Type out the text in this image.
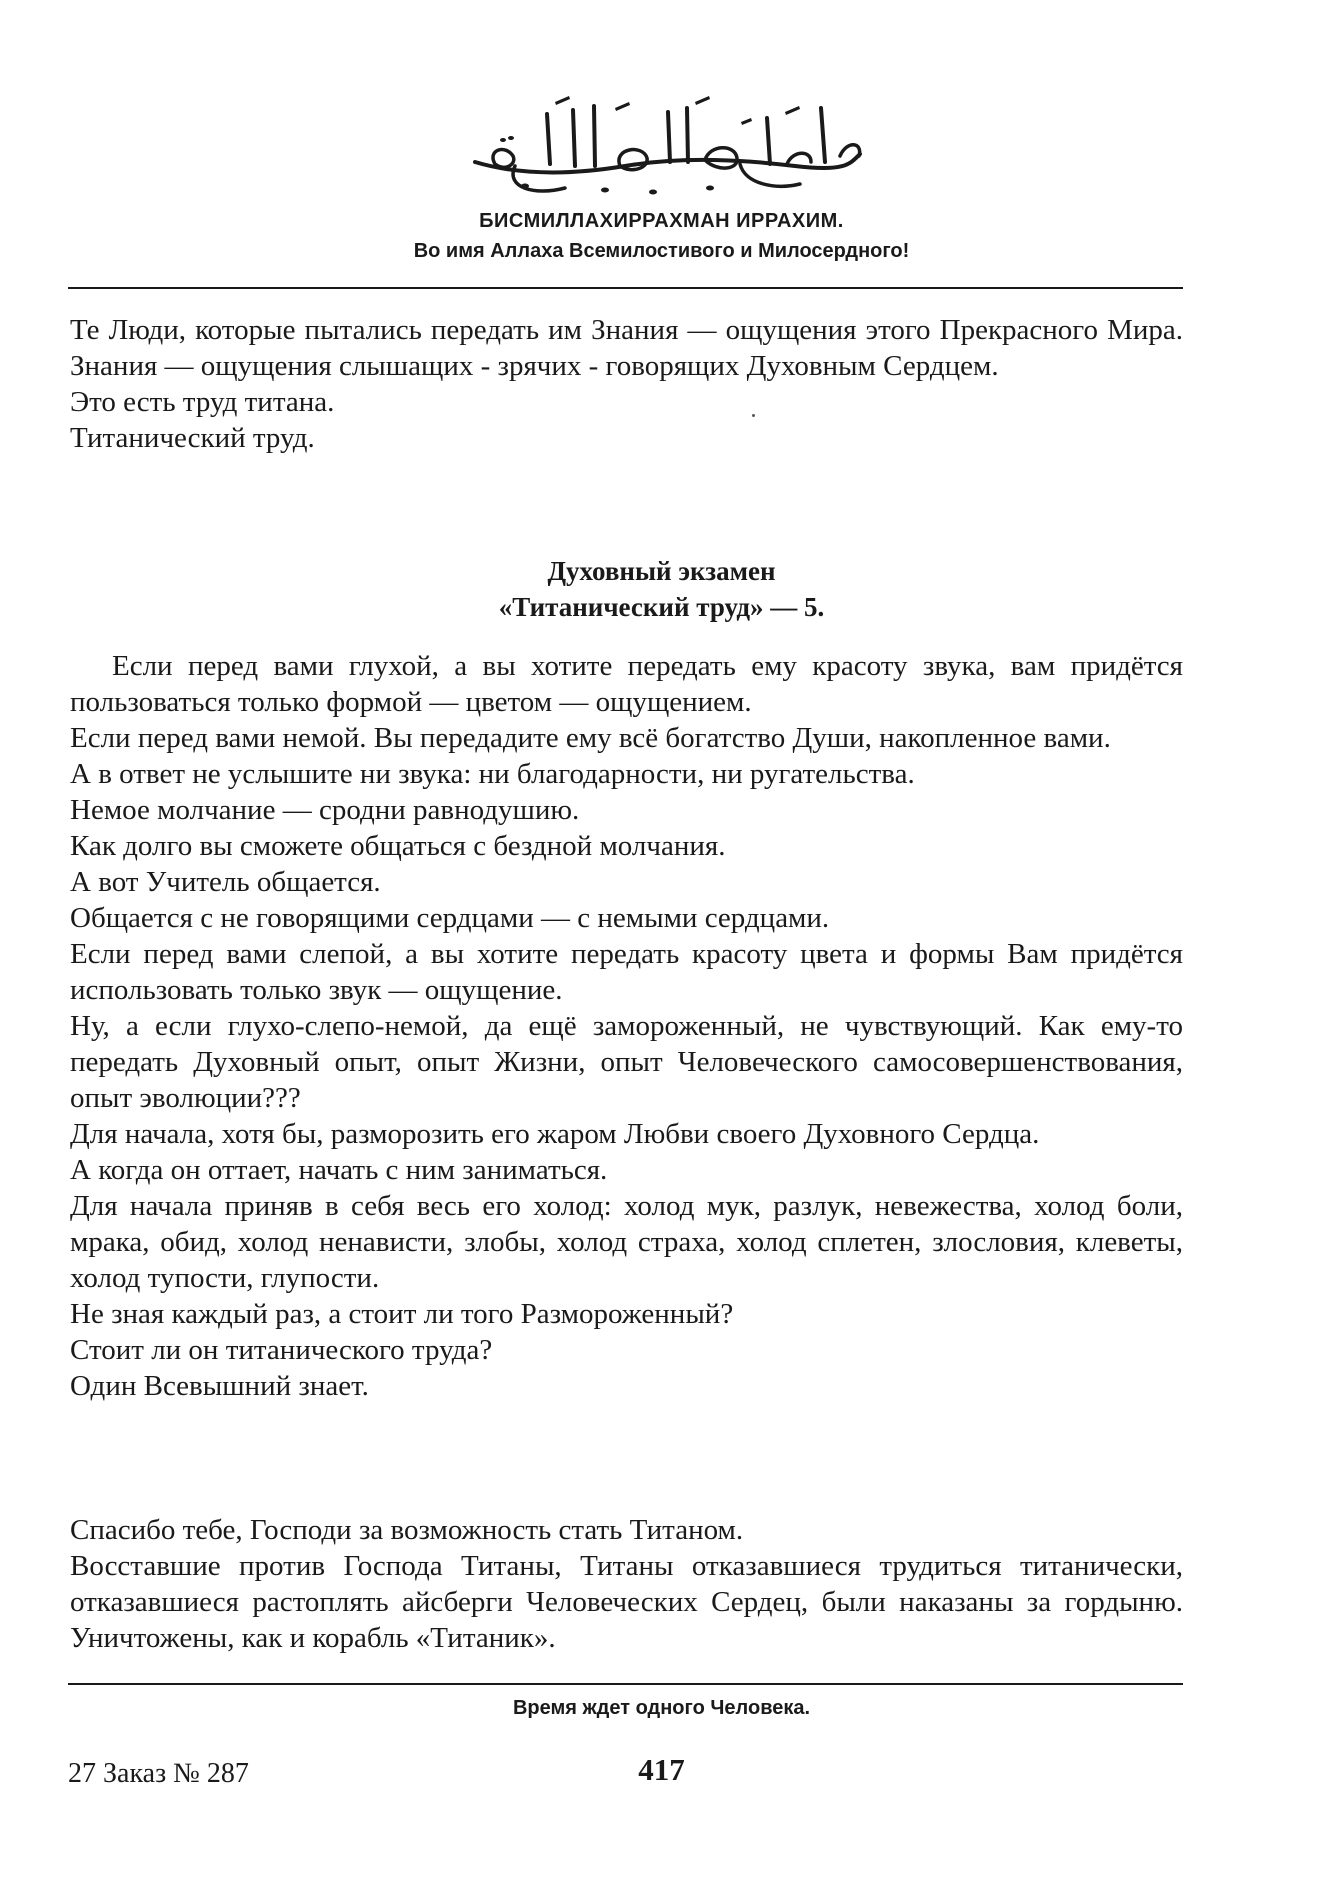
БИСМИЛЛАХИРРАХМАН ИРРАХИМ.
Во имя Аллаха Всемилостивого и Милосердного!

Те Люди, которые пытались передать им Знания — ощущения этого Прекрасного Мира. Знания — ощущения слышащих - зрячих - говорящих Духовным Сердцем.

Это есть труд титана.

Титанический труд.

Духовный экзамен
«Титанический труд» — 5.

Если перед вами глухой, а вы хотите передать ему красоту звука, вам придётся пользоваться только формой — цветом — ощущением.

Если перед вами немой. Вы передадите ему всё богатство Души, накопленное вами.

А в ответ не услышите ни звука: ни благодарности, ни ругательства.

Немое молчание — сродни равнодушию.

Как долго вы сможете общаться с бездной молчания.

А вот Учитель общается.

Общается с не говорящими сердцами — с немыми сердцами.

Если перед вами слепой, а вы хотите передать красоту цвета и формы Вам придётся использовать только звук — ощущение.

Ну, а если глухо-слепо-немой, да ещё замороженный, не чувствующий. Как ему-то передать Духовный опыт, опыт Жизни, опыт Человеческого самосовершенствования, опыт эволюции???

Для начала, хотя бы, разморозить его жаром Любви своего Духовного Сердца.

А когда он оттает, начать с ним заниматься.

Для начала приняв в себя весь его холод: холод мук, разлук, невежества, холод боли, мрака, обид, холод ненависти, злобы, холод страха, холод сплетен, злословия, клеветы, холод тупости, глупости.

Не зная каждый раз, а стоит ли того Размороженный?

Стоит ли он титанического труда?

Один Всевышний знает.

Спасибо тебе, Господи за возможность стать Титаном.

Восставшие против Господа Титаны, Титаны отказавшиеся трудиться титанически, отказавшиеся растоплять айсберги Человеческих Сердец, были наказаны за гордыню. Уничтожены, как и корабль «Титаник».

Время ждет одного Человека.
27 Заказ № 287	417
